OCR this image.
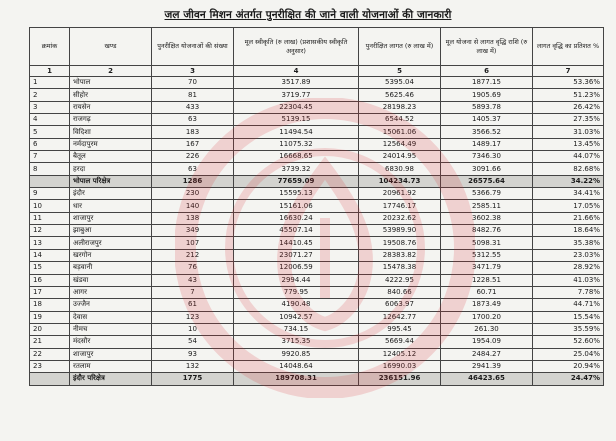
जल जीवन मिशन अंतर्गत पुनरीक्षित की जाने वाली योजनाओं की जानकारी
क्रमांक	खण्ड	पुनरीक्षित योजनाओं की संख्या	मूल स्वीकृति (रु लाख) (प्रशासकीय स्वीकृति अनुसार)	पुनरीक्षित लागत (रु लाख में)	मूल योजना से लागत वृद्धि राशि (रु लाख में)	लागत वृद्धि का प्रतिशत %
1	2	3	4	5	6	7
1	भोपाल	70	3517.89	5395.04	1877.15	53.36%
2	सीहोर	81	3719.77	5625.46	1905.69	51.23%
3	रायसेन	433	22304.45	28198.23	5893.78	26.42%
4	राजगढ़	63	5139.15	6544.52	1405.37	27.35%
5	विदिशा	183	11494.54	15061.06	3566.52	31.03%
6	नर्मदापुरम	167	11075.32	12564.49	1489.17	13.45%
7	बैतूल	226	16668.65	24014.95	7346.30	44.07%
8	हरदा	63	3739.32	6830.98	3091.66	82.68%
	भोपाल परिक्षेत्र	1286	77659.09	104234.73	26575.64	34.22%
9	इंदौर	230	15595.13	20961.92	5366.79	34.41%
10	धार	140	15161.06	17746.17	2585.11	17.05%
11	शाजापुर	138	16630.24	20232.62	3602.38	21.66%
12	झाबुआ	349	45507.14	53989.90	8482.76	18.64%
13	अलीराजपुर	107	14410.45	19508.76	5098.31	35.38%
14	खरगोन	212	23071.27	28383.82	5312.55	23.03%
15	बड़वानी	76	12006.59	15478.38	3471.79	28.92%
16	खंडवा	43	2994.44	4222.95	1228.51	41.03%
17	आगर	7	779.95	840.66	60.71	7.78%
18	उज्जैन	61	4190.48	6063.97	1873.49	44.71%
19	देवास	123	10942.57	12642.77	1700.20	15.54%
20	नीमच	10	734.15	995.45	261.30	35.59%
21	मंदसौर	54	3715.35	5669.44	1954.09	52.60%
22	शाजापुर	93	9920.85	12405.12	2484.27	25.04%
23	रतलाम	132	14048.64	16990.03	2941.39	20.94%
	इंदौर परिक्षेत्र	1775	189708.31	236151.96	46423.65	24.47%
